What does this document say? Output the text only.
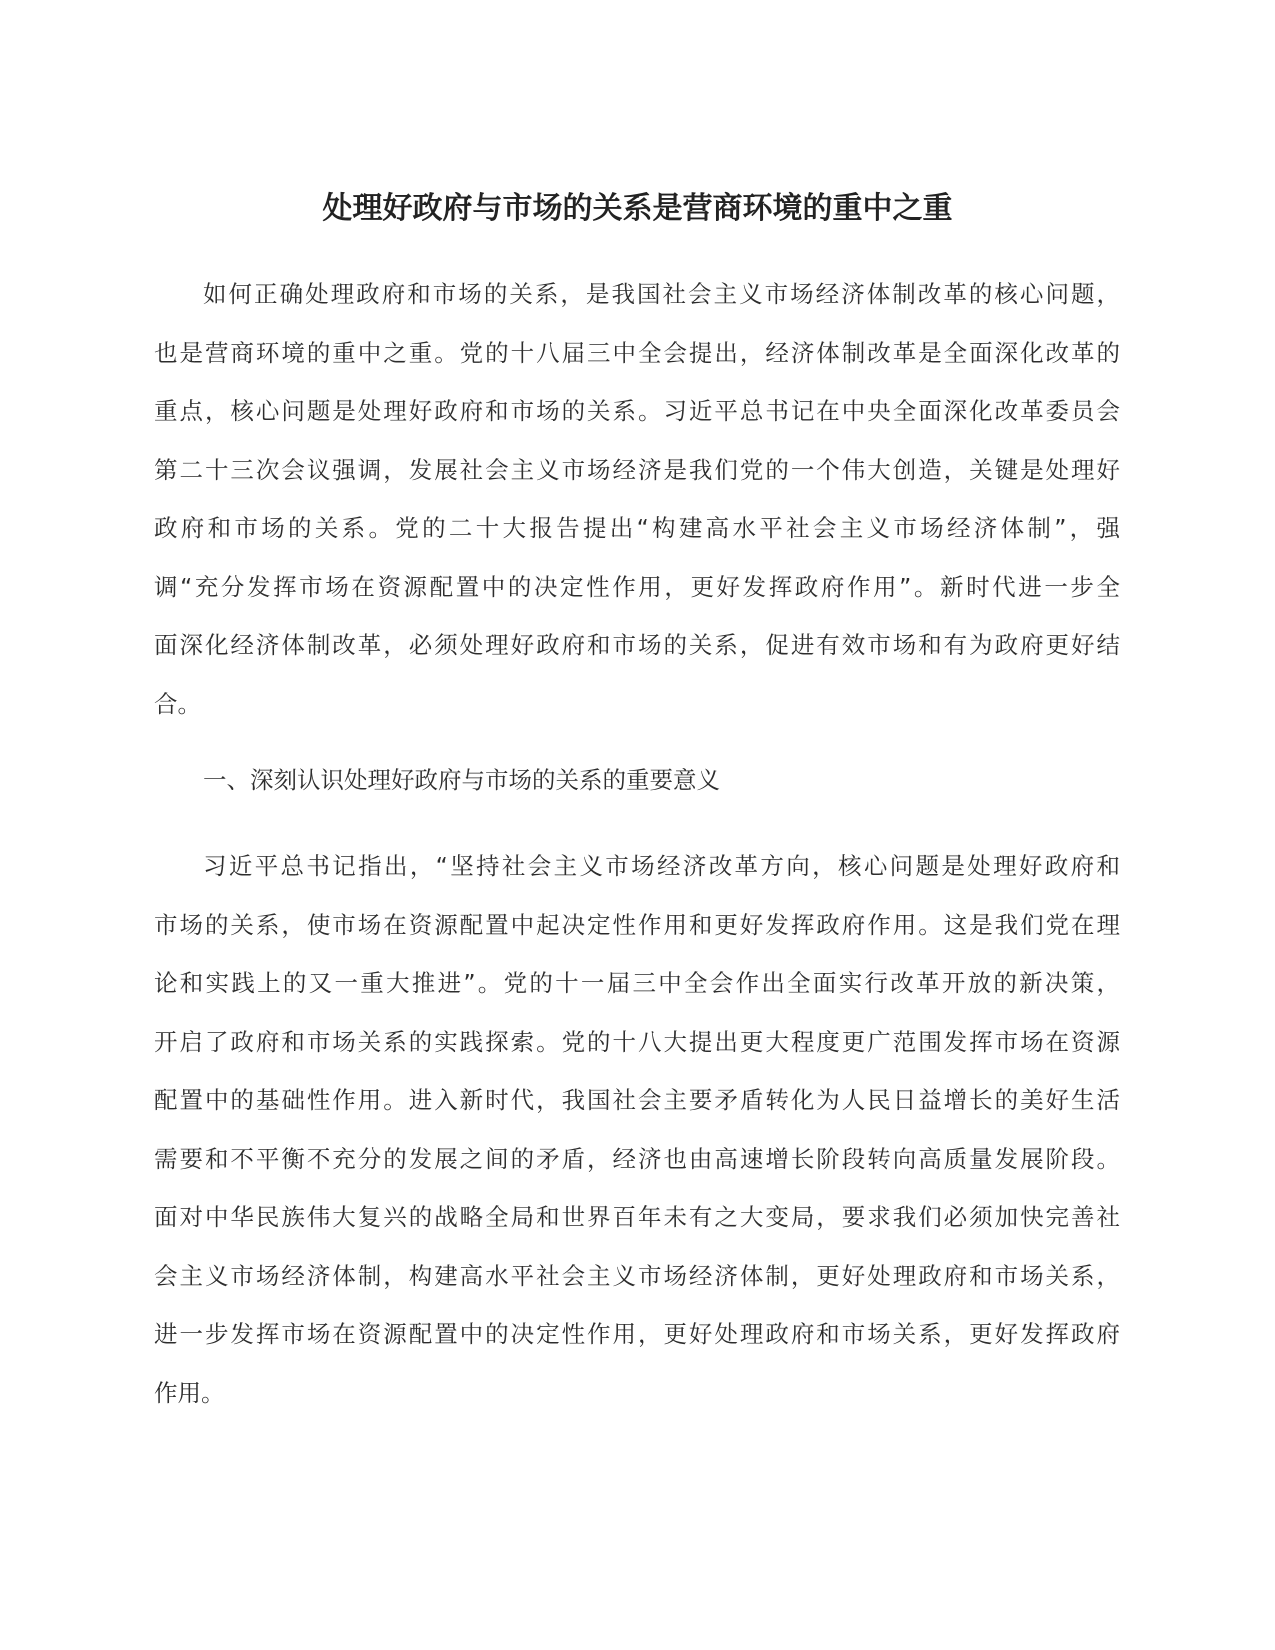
处理好政府与市场的关系是营商环境的重中之重
如何正确处理政府和市场的关系，是我国社会主义市场经济体制改革的核心问题，
也是营商环境的重中之重。党的十八届三中全会提出，经济体制改革是全面深化改革的
重点，核心问题是处理好政府和市场的关系。习近平总书记在中央全面深化改革委员会
第二十三次会议强调，发展社会主义市场经济是我们党的一个伟大创造，关键是处理好
政府和市场的关系。党的二十大报告提出“构建高水平社会主义市场经济体制”，强
调“充分发挥市场在资源配置中的决定性作用，更好发挥政府作用”。新时代进一步全
面深化经济体制改革，必须处理好政府和市场的关系，促进有效市场和有为政府更好结
合。
一、深刻认识处理好政府与市场的关系的重要意义
习近平总书记指出，“坚持社会主义市场经济改革方向，核心问题是处理好政府和
市场的关系，使市场在资源配置中起决定性作用和更好发挥政府作用。这是我们党在理
论和实践上的又一重大推进”。党的十一届三中全会作出全面实行改革开放的新决策，
开启了政府和市场关系的实践探索。党的十八大提出更大程度更广范围发挥市场在资源
配置中的基础性作用。进入新时代，我国社会主要矛盾转化为人民日益增长的美好生活
需要和不平衡不充分的发展之间的矛盾，经济也由高速增长阶段转向高质量发展阶段。
面对中华民族伟大复兴的战略全局和世界百年未有之大变局，要求我们必须加快完善社
会主义市场经济体制，构建高水平社会主义市场经济体制，更好处理政府和市场关系，
进一步发挥市场在资源配置中的决定性作用，更好处理政府和市场关系，更好发挥政府
作用。
